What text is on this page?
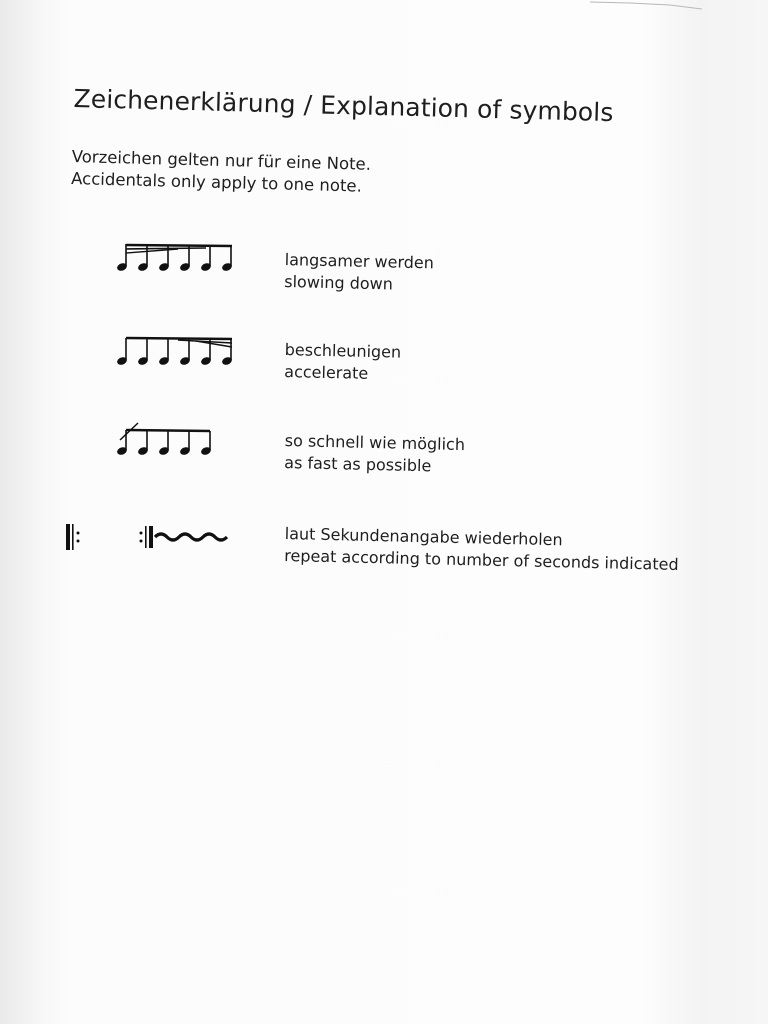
Zeichenerklärung / Explanation of symbols
Vorzeichen gelten nur für eine Note.
Accidentals only apply to one note.
langsamer werden
slowing down
beschleunigen
accelerate
so schnell wie möglich
as fast as possible
laut Sekundenangabe wiederholen
repeat according to number of seconds indicated
